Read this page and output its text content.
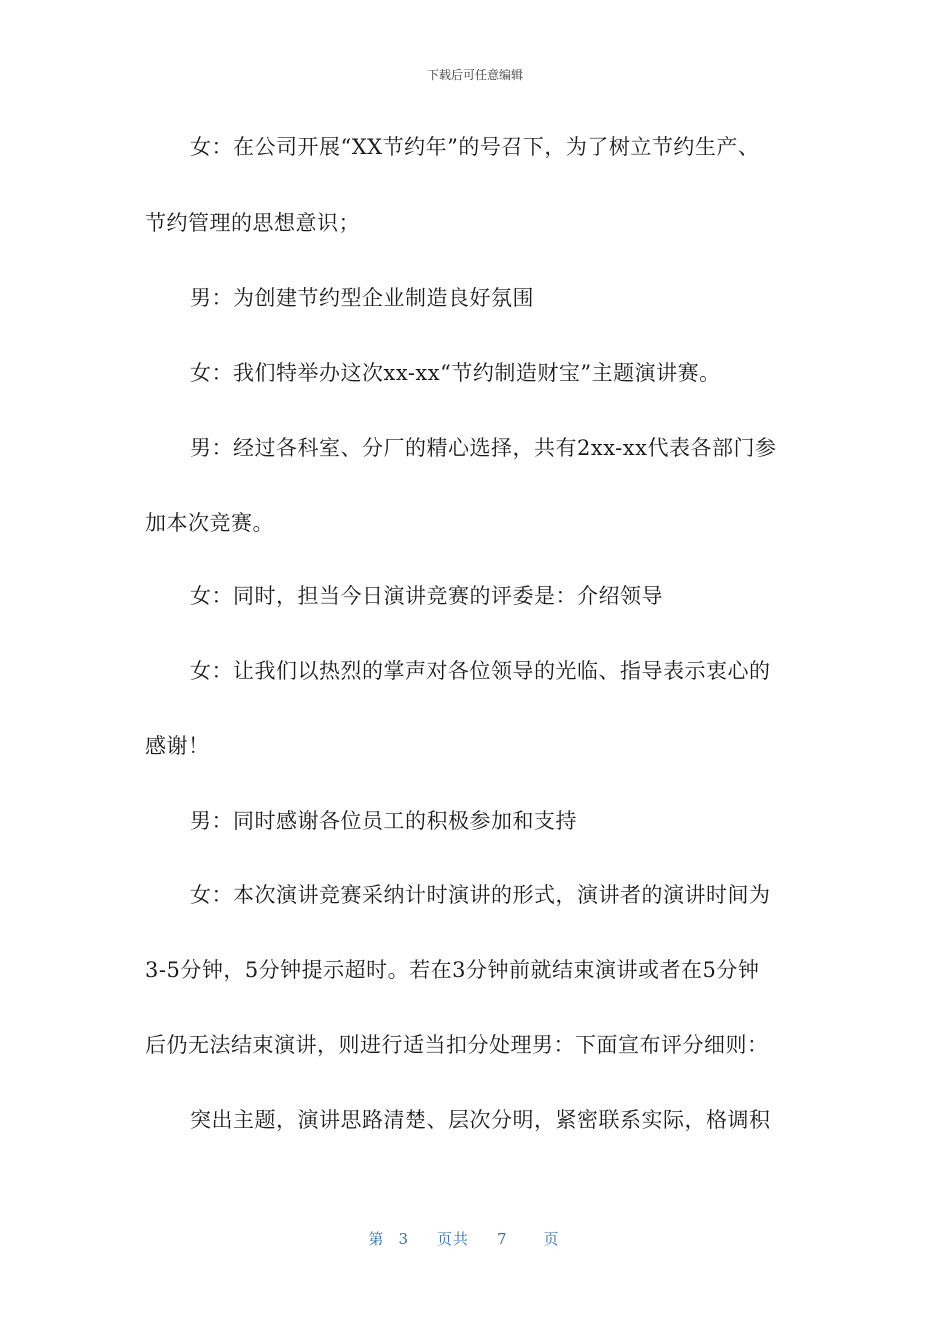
下载后可任意编辑
女：在公司开展“XX节约年”的号召下，为了树立节约生产、
节约管理的思想意识；
男：为创建节约型企业制造良好氛围
女：我们特举办这次xx-xx“节约制造财宝”主题演讲赛。
男：经过各科室、分厂的精心选择，共有2xx-xx代表各部门参
加本次竞赛。
女：同时，担当今日演讲竞赛的评委是：介绍领导
女：让我们以热烈的掌声对各位领导的光临、指导表示衷心的
感谢！
男：同时感谢各位员工的积极参加和支持
女：本次演讲竞赛采纳计时演讲的形式，演讲者的演讲时间为
3-5分钟，5分钟提示超时。若在3分钟前就结束演讲或者在5分钟
后仍无法结束演讲，则进行适当扣分处理男：下面宣布评分细则：
突出主题，演讲思路清楚、层次分明，紧密联系实际，格调积
第 3 页共 7 页
